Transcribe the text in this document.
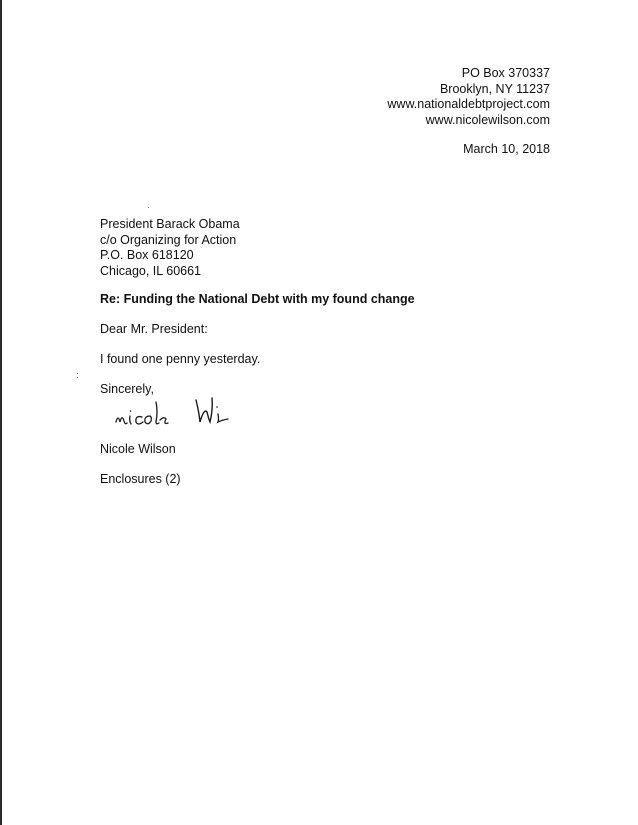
PO Box 370337
Brooklyn, NY 11237
www.nationaldebtproject.com
www.nicolewilson.com
March 10, 2018
President Barack Obama
c/o Organizing for Action
P.O. Box 618120
Chicago, IL 60661
Re: Funding the National Debt with my found change
Dear Mr. President:
I found one penny yesterday.
Sincerely,
Nicole Wilson
Enclosures (2)
